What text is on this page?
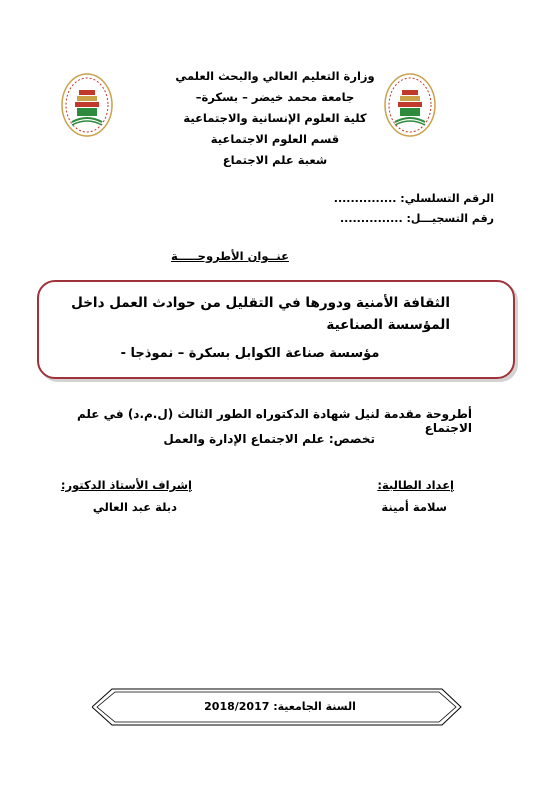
وزارة التعليم العالي والبحث العلمي
جامعة محمد خيضر – بسكرة–
كلية العلوم الإنسانية والاجتماعية
قسم العلوم الاجتماعية
شعبة علم الاجتماع
الرقم التسلسلي: ...............
رقم التسجيـــل: ...............
عنــوان الأطروحـــــة
الثقافة الأمنية ودورها في التقليل من حوادث العمل داخل المؤسسة الصناعية
مؤسسة صناعة الكوابل بسكرة – نموذجا -
أطروحة مقدمة لنيل شهادة الدكتوراه الطور الثالث (ل.م.د) في علم الاجتماع
تخصص: علم الاجتماع الإدارة والعمل
إعداد الطالبة:
سلامة أمينة
إشراف الأستاذ الدكتور:
دبلة عبد العالي
السنة الجامعية: 2018/2017
